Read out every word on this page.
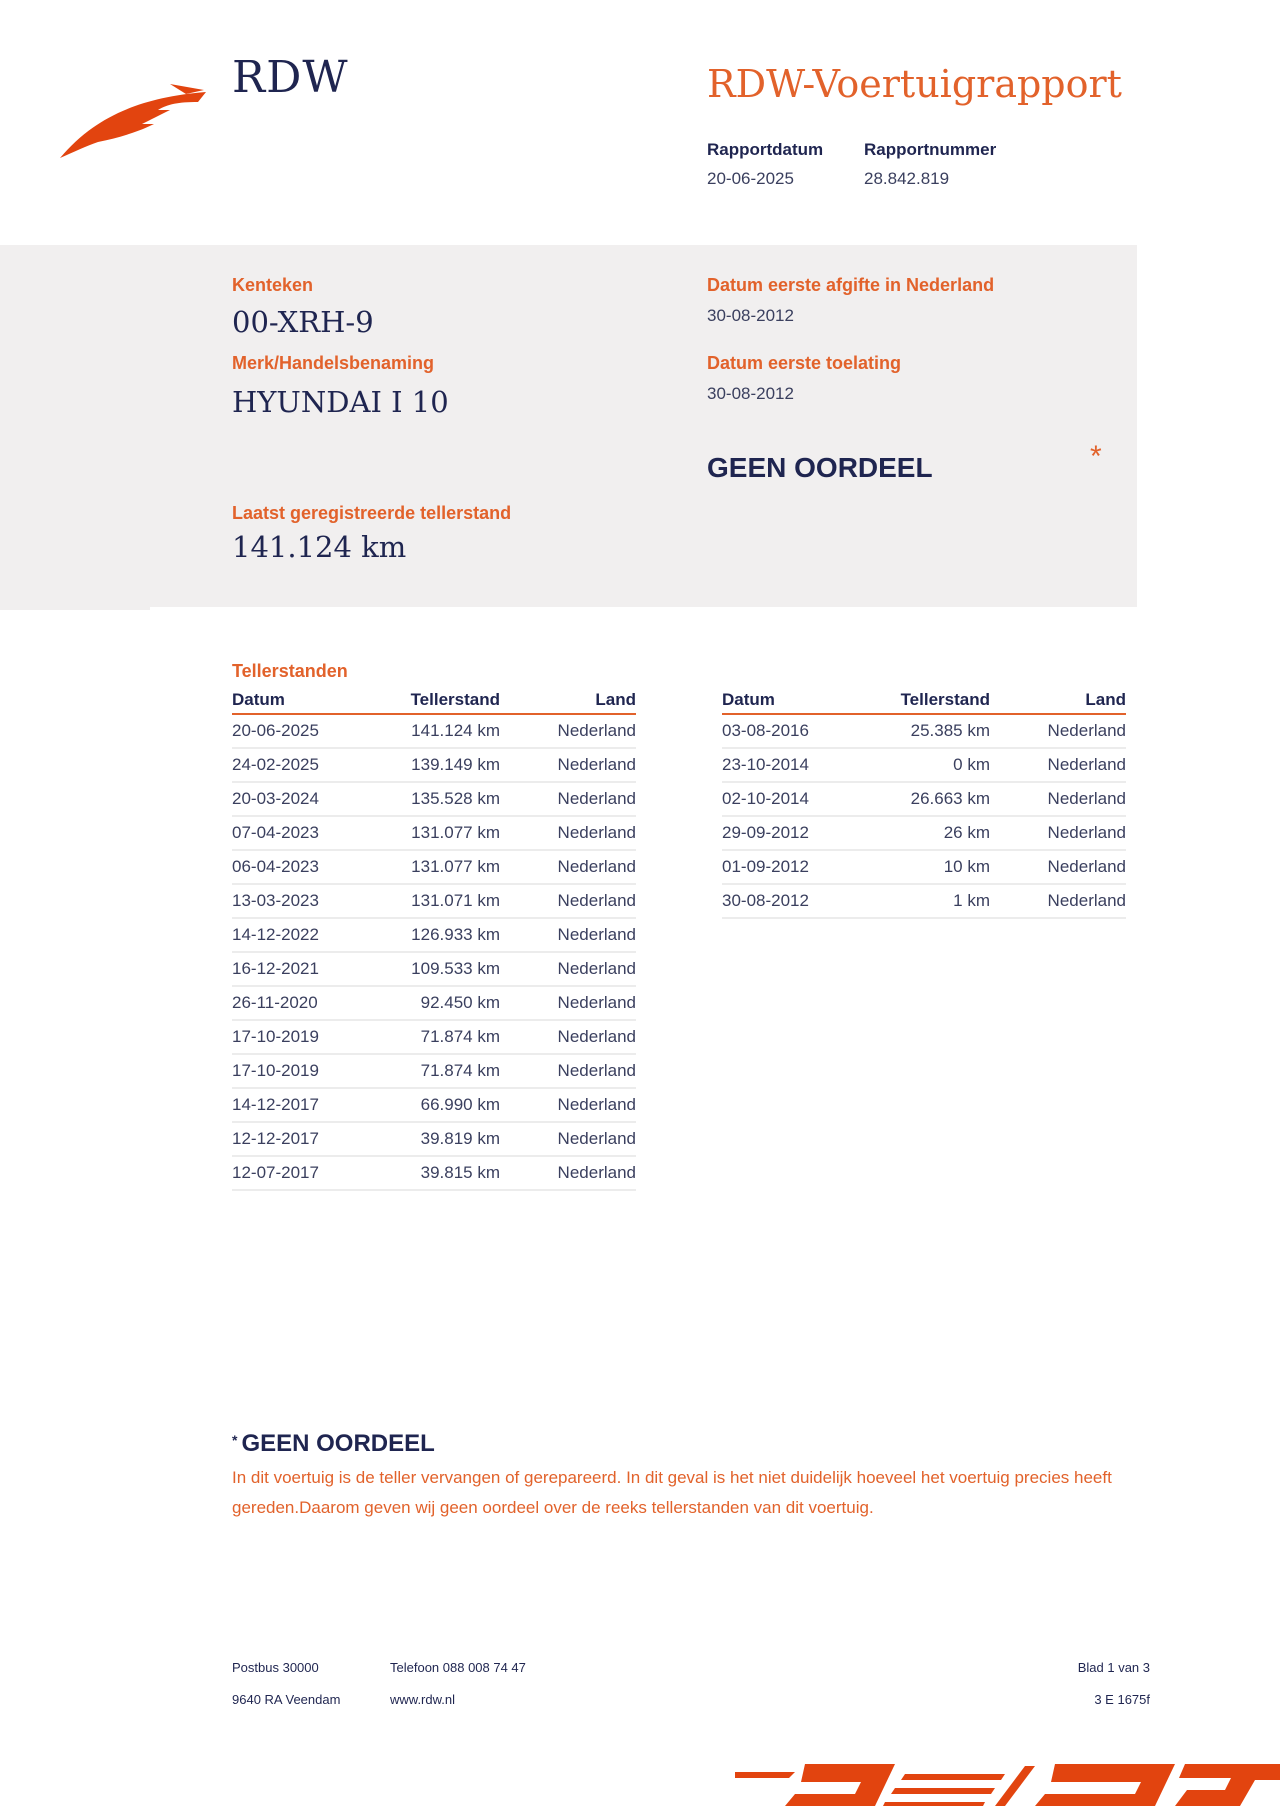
RDW	RDW-Voertuigrapport
Rapportdatum
20-06-2025
Rapportnummer
28.842.819
Kenteken
00-XRH-9
Merk/Handelsbenaming
HYUNDAI I 10
Datum eerste afgifte in Nederland
30-08-2012
Datum eerste toelating
30-08-2012
GEEN OORDEEL	*
Laatst geregistreerde tellerstand
141.124 km
Tellerstanden
Datum	Tellerstand	Land
20-06-2025	141.124 km	Nederland
24-02-2025	139.149 km	Nederland
20-03-2024	135.528 km	Nederland
07-04-2023	131.077 km	Nederland
06-04-2023	131.077 km	Nederland
13-03-2023	131.071 km	Nederland
14-12-2022	126.933 km	Nederland
16-12-2021	109.533 km	Nederland
26-11-2020	92.450 km	Nederland
17-10-2019	71.874 km	Nederland
17-10-2019	71.874 km	Nederland
14-12-2017	66.990 km	Nederland
12-12-2017	39.819 km	Nederland
12-07-2017	39.815 km	Nederland
Datum	Tellerstand	Land
03-08-2016	25.385 km	Nederland
23-10-2014	0 km	Nederland
02-10-2014	26.663 km	Nederland
29-09-2012	26 km	Nederland
01-09-2012	10 km	Nederland
30-08-2012	1 km	Nederland
* GEEN OORDEEL
In dit voertuig is de teller vervangen of gerepareerd. In dit geval is het niet duidelijk hoeveel het voertuig precies heeft gereden.Daarom geven wij geen oordeel over de reeks tellerstanden van dit voertuig.
Postbus 30000
9640 RA Veendam
Telefoon 088 008 74 47
www.rdw.nl
Blad 1 van 3
3 E 1675f
